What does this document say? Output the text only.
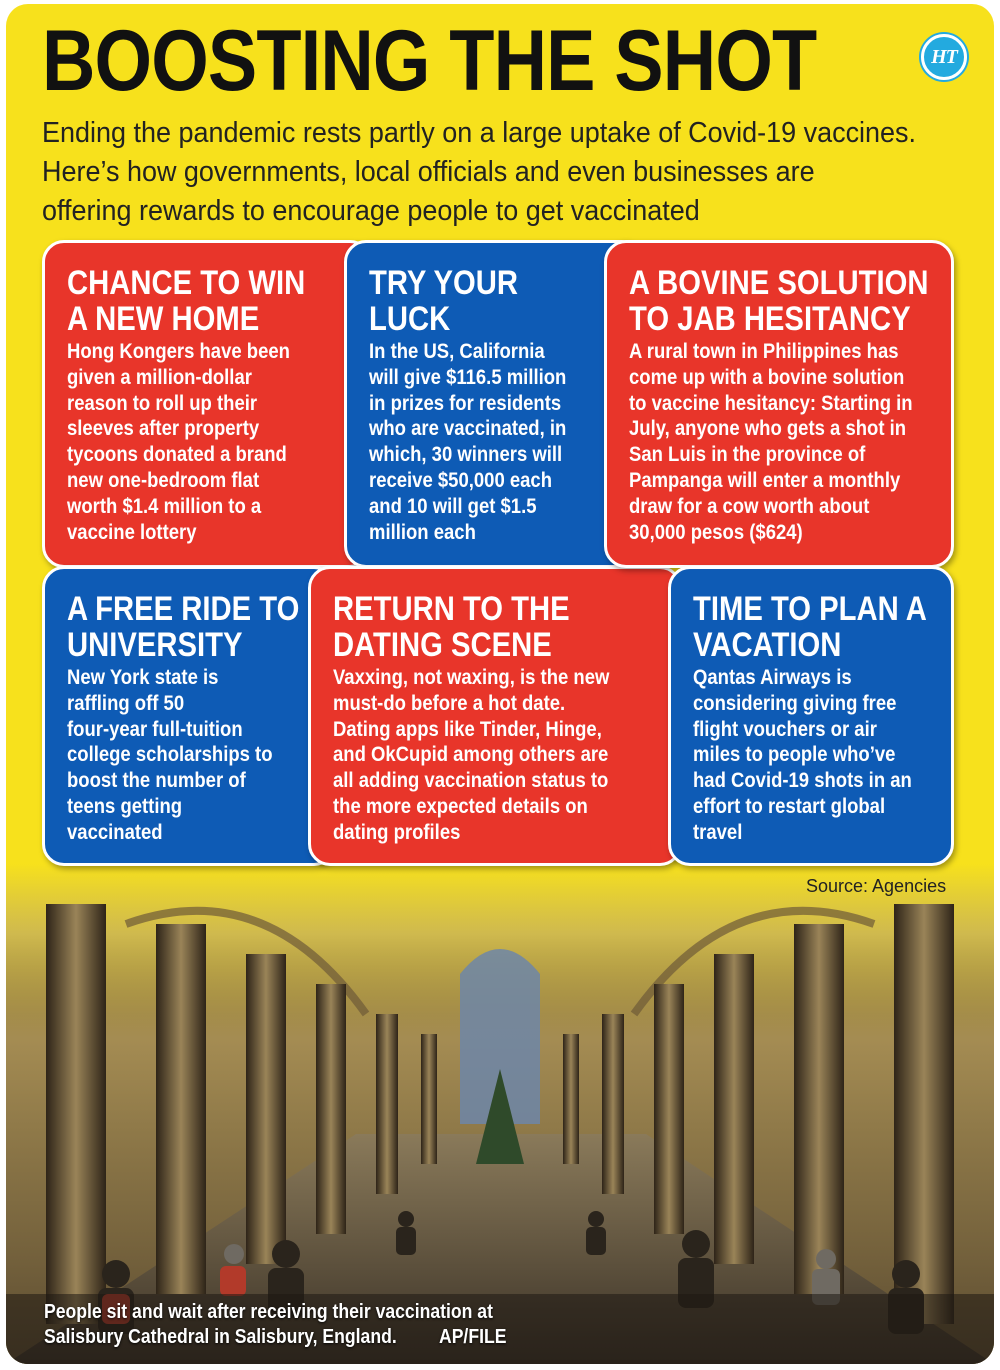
BOOSTING THE SHOT	HT
Ending the pandemic rests partly on a large uptake of Covid-19 vaccines.
Here’s how governments, local officials and even businesses are
offering rewards to encourage people to get vaccinated
CHANCE TO WIN
A NEW HOME
Hong Kongers have been
given a million-dollar
reason to roll up their
sleeves after property
tycoons donated a brand
new one-bedroom flat
worth $1.4 million to a
vaccine lottery
TRY YOUR
LUCK
In the US, California
will give $116.5 million
in prizes for residents
who are vaccinated, in
which, 30 winners will
receive $50,000 each
and 10 will get $1.5
million each
A BOVINE SOLUTION
TO JAB HESITANCY
A rural town in Philippines has
come up with a bovine solution
to vaccine hesitancy: Starting in
July, anyone who gets a shot in
San Luis in the province of
Pampanga will enter a monthly
draw for a cow worth about
30,000 pesos ($624)
A FREE RIDE TO
UNIVERSITY
New York state is
raffling off 50
four-year full-tuition
college scholarships to
boost the number of
teens getting
vaccinated
RETURN TO THE
DATING SCENE
Vaxxing, not waxing, is the new
must-do before a hot date.
Dating apps like Tinder, Hinge,
and OkCupid among others are
all adding vaccination status to
the more expected details on
dating profiles
TIME TO PLAN A
VACATION
Qantas Airways is
considering giving free
flight vouchers or air
miles to people who’ve
had Covid-19 shots in an
effort to restart global
travel
Source: Agencies
People sit and wait after receiving their vaccination at
Salisbury Cathedral in Salisbury, England. AP/FILE
